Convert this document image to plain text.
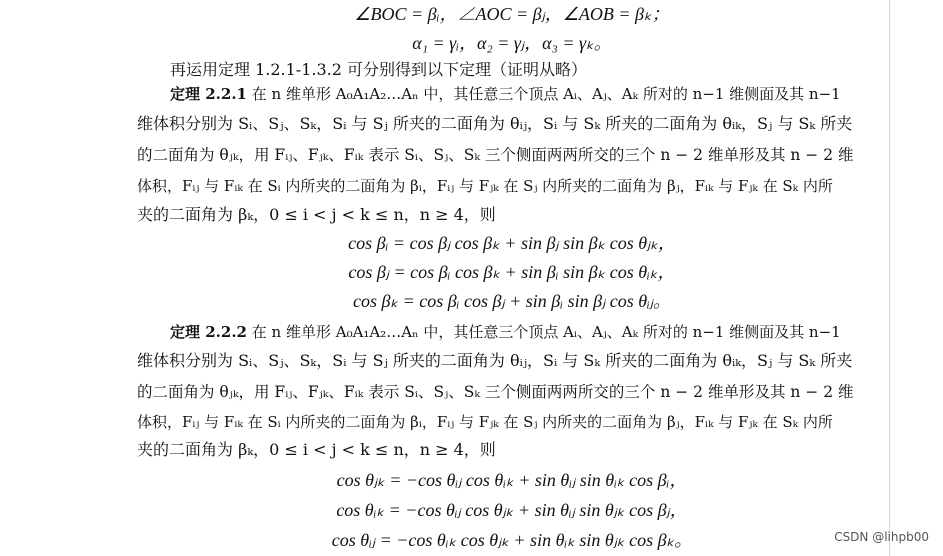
∠BOC = βᵢ，∠AOC = βⱼ，∠AOB = βₖ；
α₁ = γᵢ，α₂ = γⱼ，α₃ = γₖ。
再运用定理 1.2.1-1.3.2 可分别得到以下定理（证明从略）
定理 2.2.1 在 n 维单形 A₀A₁A₂…Aₙ 中，其任意三个顶点 Aᵢ、Aⱼ、Aₖ 所对的 n−1 维侧面及其 n−1
维体积分别为 Sᵢ、Sⱼ、Sₖ，Sᵢ 与 Sⱼ 所夹的二面角为 θᵢⱼ，Sᵢ 与 Sₖ 所夹的二面角为 θᵢₖ，Sⱼ 与 Sₖ 所夹
的二面角为 θⱼₖ，用 Fᵢⱼ、Fⱼₖ、Fᵢₖ 表示 Sᵢ、Sⱼ、Sₖ 三个侧面两两所交的三个 n − 2 维单形及其 n − 2 维
体积，Fᵢⱼ 与 Fᵢₖ 在 Sᵢ 内所夹的二面角为 βᵢ，Fᵢⱼ 与 Fⱼₖ 在 Sⱼ 内所夹的二面角为 βⱼ，Fᵢₖ 与 Fⱼₖ 在 Sₖ 内所
夹的二面角为 βₖ，0 ≤ i < j < k ≤ n，n ≥ 4，则
cos βᵢ = cos βⱼ cos βₖ + sin βⱼ sin βₖ cos θⱼₖ，
cos βⱼ = cos βᵢ cos βₖ + sin βᵢ sin βₖ cos θᵢₖ，
cos βₖ = cos βᵢ cos βⱼ + sin βᵢ sin βⱼ cos θᵢⱼ。
定理 2.2.2 在 n 维单形 A₀A₁A₂…Aₙ 中，其任意三个顶点 Aᵢ、Aⱼ、Aₖ 所对的 n−1 维侧面及其 n−1
维体积分别为 Sᵢ、Sⱼ、Sₖ，Sᵢ 与 Sⱼ 所夹的二面角为 θᵢⱼ，Sᵢ 与 Sₖ 所夹的二面角为 θᵢₖ，Sⱼ 与 Sₖ 所夹
的二面角为 θⱼₖ，用 Fᵢⱼ、Fⱼₖ、Fᵢₖ 表示 Sᵢ、Sⱼ、Sₖ 三个侧面两两所交的三个 n − 2 维单形及其 n − 2 维
体积，Fᵢⱼ 与 Fᵢₖ 在 Sᵢ 内所夹的二面角为 βᵢ，Fᵢⱼ 与 Fⱼₖ 在 Sⱼ 内所夹的二面角为 βⱼ，Fᵢₖ 与 Fⱼₖ 在 Sₖ 内所
夹的二面角为 βₖ，0 ≤ i < j < k ≤ n，n ≥ 4，则
cos θⱼₖ = −cos θᵢⱼ cos θᵢₖ + sin θᵢⱼ sin θᵢₖ cos βᵢ，
cos θᵢₖ = −cos θᵢⱼ cos θⱼₖ + sin θᵢⱼ sin θⱼₖ cos βⱼ，
cos θᵢⱼ = −cos θᵢₖ cos θⱼₖ + sin θᵢₖ sin θⱼₖ cos βₖ。	CSDN @lihpb00
